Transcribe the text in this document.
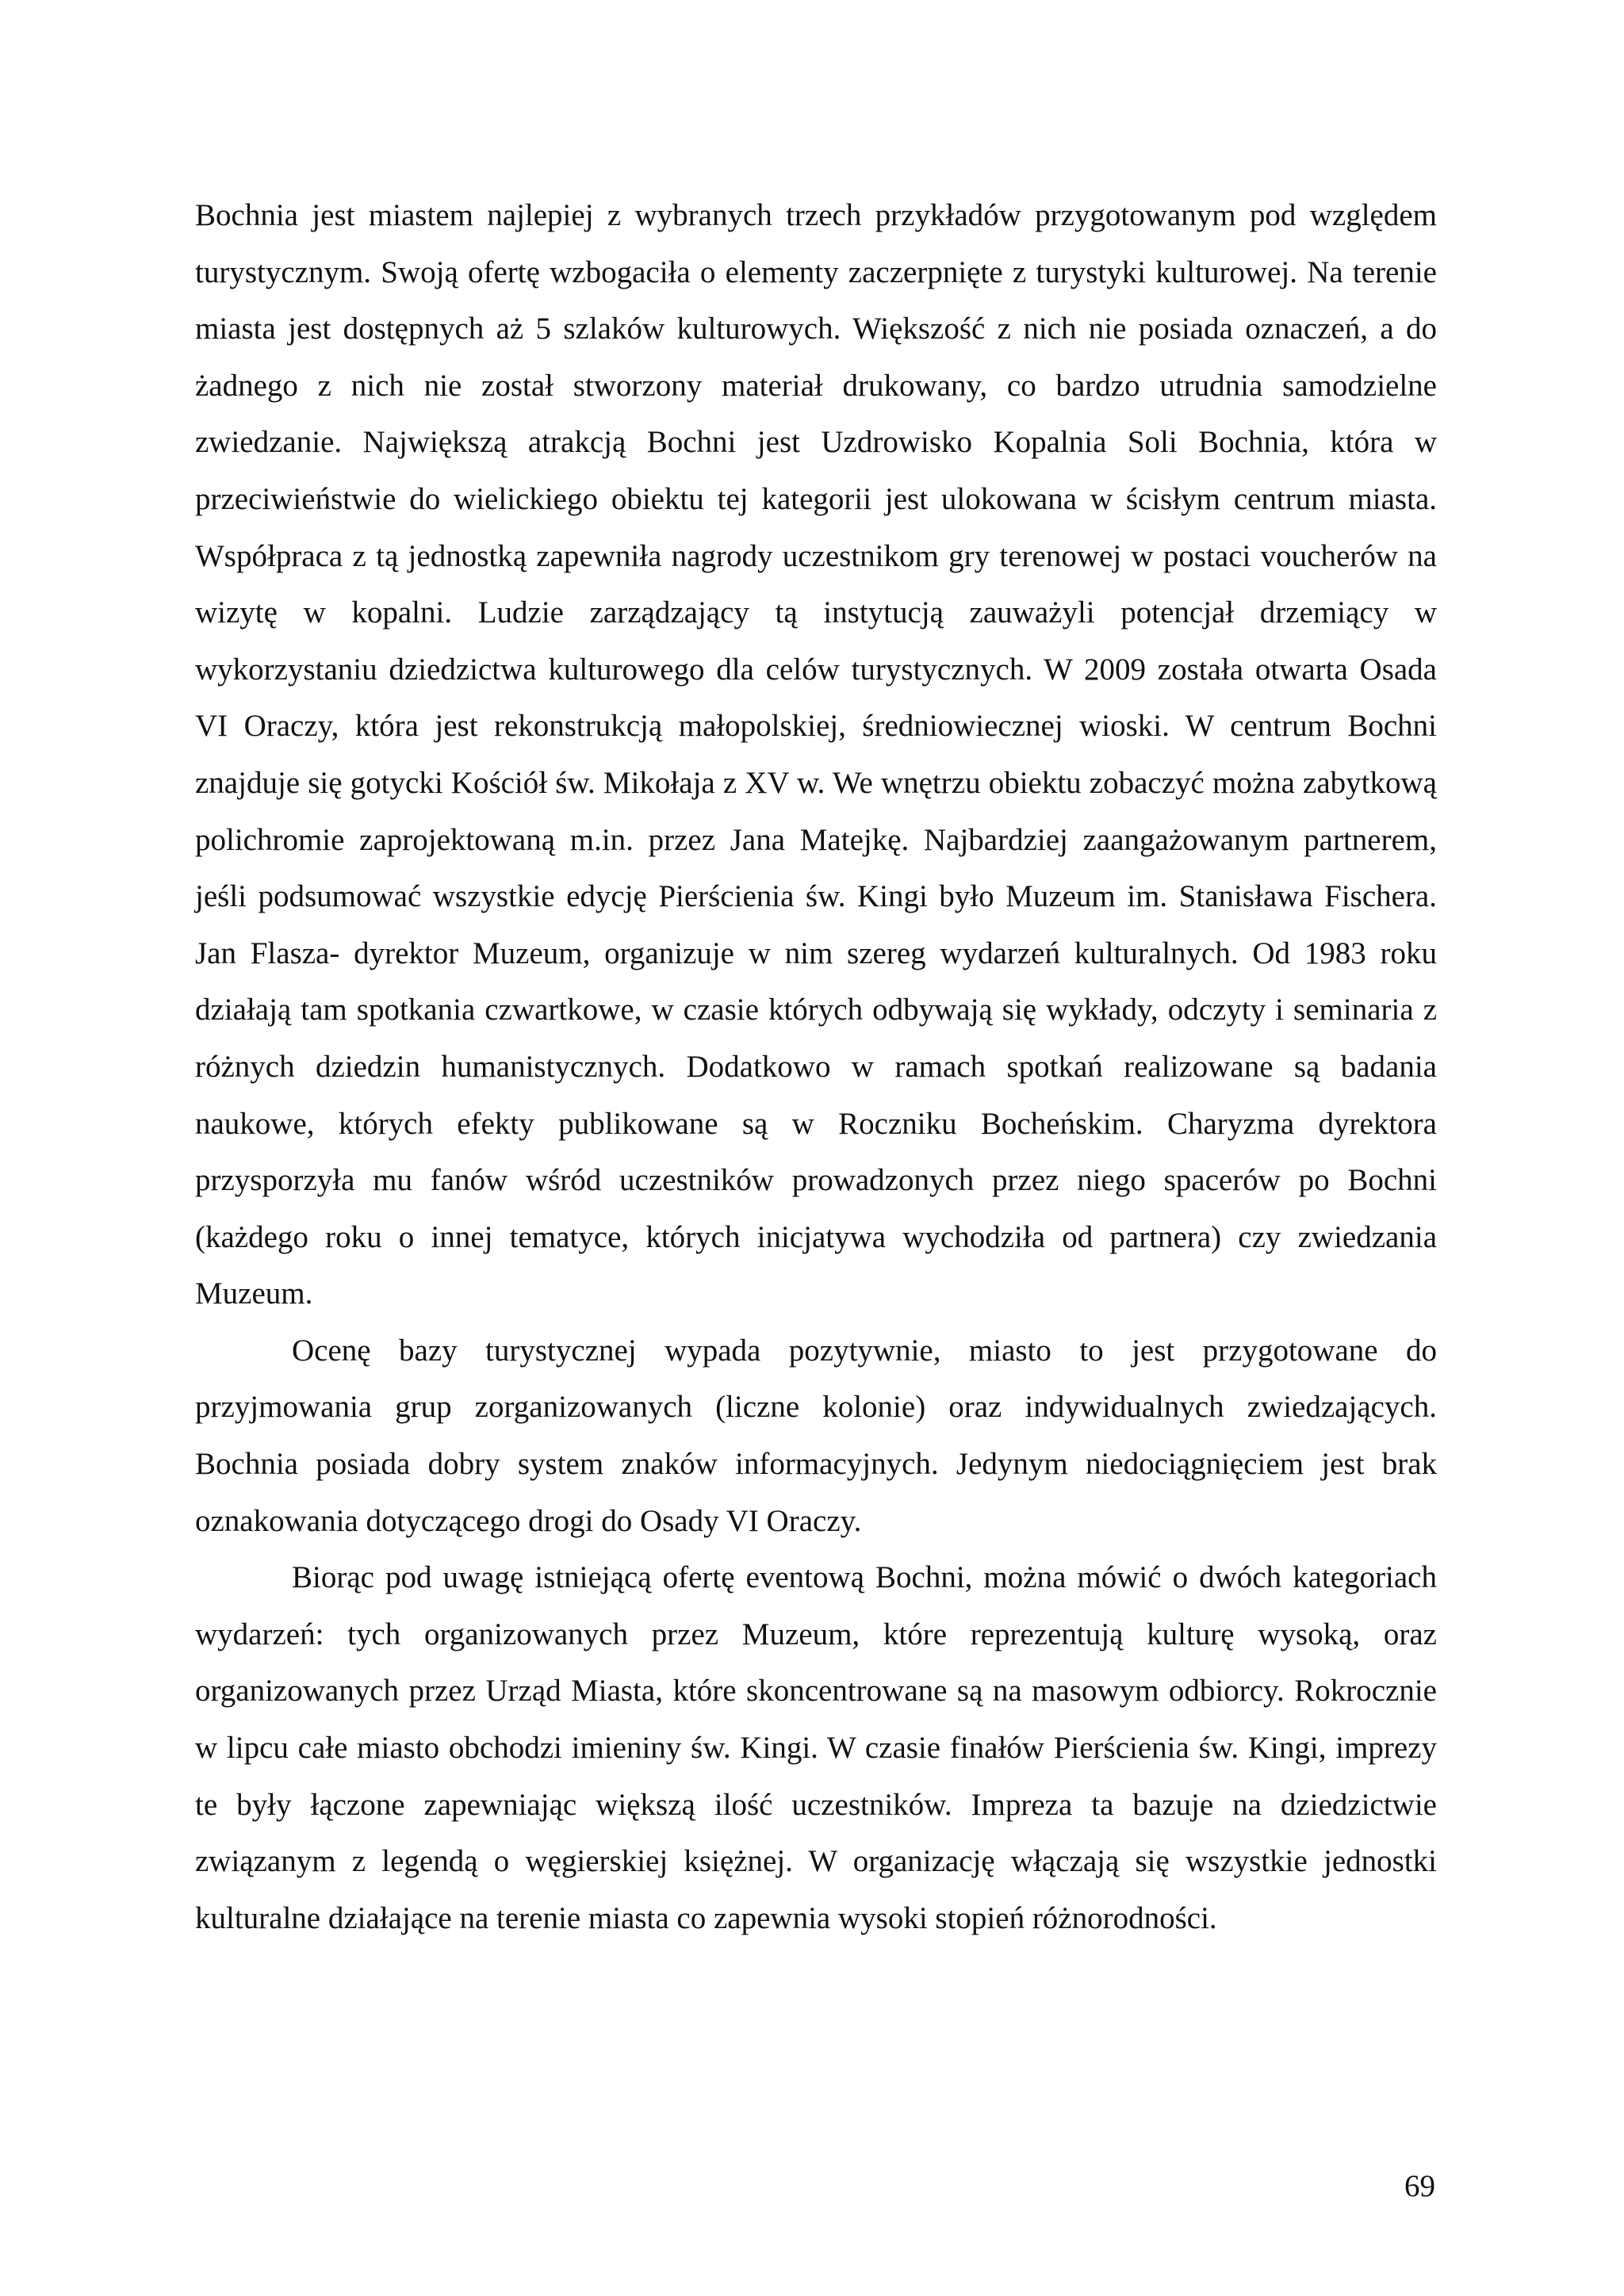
Bochnia jest miastem najlepiej z wybranych trzech przykładów przygotowanym pod względem turystycznym. Swoją ofertę wzbogaciła o elementy zaczerpnięte z turystyki kulturowej. Na terenie miasta jest dostępnych aż 5 szlaków kulturowych. Większość z nich nie posiada oznaczeń, a do żadnego z nich nie został stworzony materiał drukowany, co bardzo utrudnia samodzielne zwiedzanie. Największą atrakcją Bochni jest Uzdrowisko Kopalnia Soli Bochnia, która w przeciwieństwie do wielickiego obiektu tej kategorii jest ulokowana w ścisłym centrum miasta. Współpraca z tą jednostką zapewniła nagrody uczestnikom gry terenowej w postaci voucherów na wizytę w kopalni. Ludzie zarządzający tą instytucją zauważyli potencjał drzemiący w wykorzystaniu dziedzictwa kulturowego dla celów turystycznych. W 2009 została otwarta Osada VI Oraczy, która jest rekonstrukcją małopolskiej, średniowiecznej wioski. W centrum Bochni znajduje się gotycki Kościół św. Mikołaja z XV w. We wnętrzu obiektu zobaczyć można zabytkową polichromie zaprojektowaną m.in. przez Jana Matejkę. Najbardziej zaangażowanym partnerem, jeśli podsumować wszystkie edycję Pierścienia św. Kingi było Muzeum im. Stanisława Fischera. Jan Flasza- dyrektor Muzeum, organizuje w nim szereg wydarzeń kulturalnych. Od 1983 roku działają tam spotkania czwartkowe, w czasie których odbywają się wykłady, odczyty i seminaria z różnych dziedzin humanistycznych. Dodatkowo w ramach spotkań realizowane są badania naukowe, których efekty publikowane są w Roczniku Bocheńskim. Charyzma dyrektora przysporzyła mu fanów wśród uczestników prowadzonych przez niego spacerów po Bochni (każdego roku o innej tematyce, których inicjatywa wychodziła od partnera) czy zwiedzania Muzeum.

Ocenę bazy turystycznej wypada pozytywnie, miasto to jest przygotowane do przyjmowania grup zorganizowanych (liczne kolonie) oraz indywidualnych zwiedzających. Bochnia posiada dobry system znaków informacyjnych. Jedynym niedociągnięciem jest brak oznakowania dotyczącego drogi do Osady VI Oraczy.

Biorąc pod uwagę istniejącą ofertę eventową Bochni, można mówić o dwóch kategoriach wydarzeń: tych organizowanych przez Muzeum, które reprezentują kulturę wysoką, oraz organizowanych przez Urząd Miasta, które skoncentrowane są na masowym odbiorcy. Rokrocznie w lipcu całe miasto obchodzi imieniny św. Kingi. W czasie finałów Pierścienia św. Kingi, imprezy te były łączone zapewniając większą ilość uczestników. Impreza ta bazuje na dziedzictwie związanym z legendą o węgierskiej księżnej. W organizację włączają się wszystkie jednostki kulturalne działające na terenie miasta co zapewnia wysoki stopień różnorodności.

69
